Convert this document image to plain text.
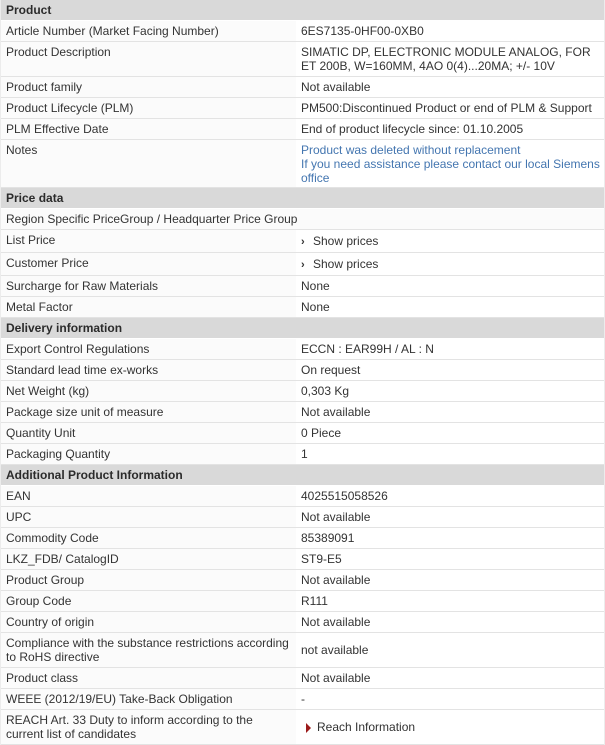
Product
Article Number (Market Facing Number)	6ES7135-0HF00-0XB0
Product Description	SIMATIC DP, ELECTRONIC MODULE ANALOG, FOR ET 200B, W=160MM, 4AO 0(4)...20MA; +/- 10V
Product family	Not available
Product Lifecycle (PLM)	PM500:Discontinued Product or end of PLM & Support
PLM Effective Date	End of product lifecycle since: 01.10.2005
Notes	Product was deleted without replacement
If you need assistance please contact our local Siemens office
Price data
Region Specific PriceGroup / Headquarter Price Group
List Price	› Show prices
Customer Price	› Show prices
Surcharge for Raw Materials	None
Metal Factor	None
Delivery information
Export Control Regulations	ECCN : EAR99H / AL : N
Standard lead time ex-works	On request
Net Weight (kg)	0,303 Kg
Package size unit of measure	Not available
Quantity Unit	0 Piece
Packaging Quantity	1
Additional Product Information
EAN	4025515058526
UPC	Not available
Commodity Code	85389091
LKZ_FDB/ CatalogID	ST9-E5
Product Group	Not available
Group Code	R111
Country of origin	Not available
Compliance with the substance restrictions according to RoHS directive	not available
Product class	Not available
WEEE (2012/19/EU) Take-Back Obligation	-
REACH Art. 33 Duty to inform according to the current list of candidates	Reach Information
